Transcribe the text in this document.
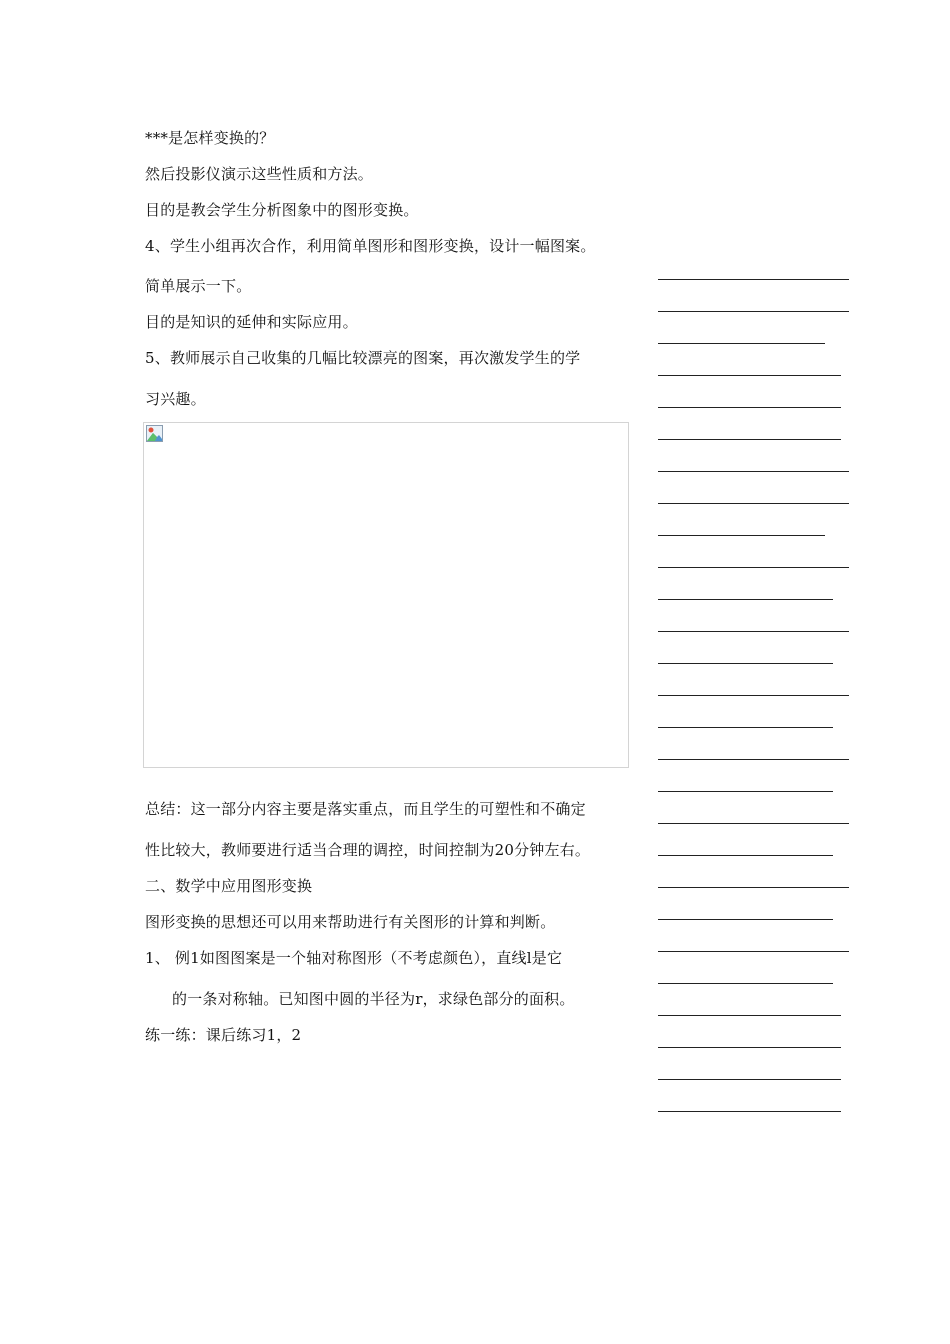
***是怎样变换的？
然后投影仪演示这些性质和方法。
目的是教会学生分析图象中的图形变换。
4、学生小组再次合作，利用简单图形和图形变换，设计一幅图案。
简单展示一下。
目的是知识的延伸和实际应用。
5、教师展示自己收集的几幅比较漂亮的图案，再次激发学生的学
习兴趣。
总结：这一部分内容主要是落实重点，而且学生的可塑性和不确定
性比较大，教师要进行适当合理的调控，时间控制为20分钟左右。
二、数学中应用图形变换
图形变换的思想还可以用来帮助进行有关图形的计算和判断。
1、 例1如图图案是一个轴对称图形（不考虑颜色），直线l是它
的一条对称轴。已知图中圆的半径为r，求绿色部分的面积。
练一练：课后练习1，2
